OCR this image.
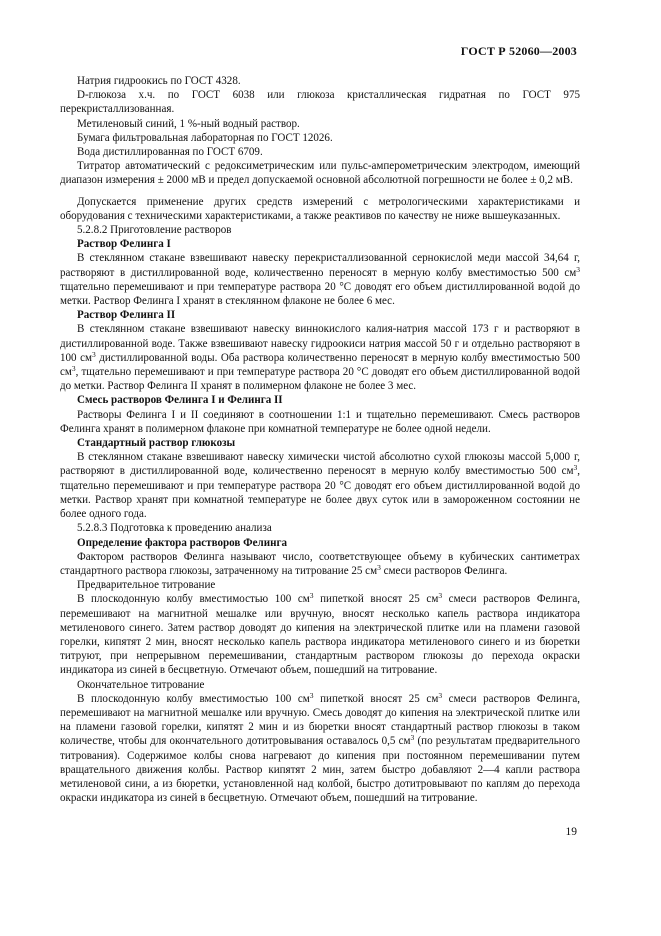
ГОСТ Р 52060—2003

Натрия гидроокись по ГОСТ 4328.

D-глюкоза х.ч. по ГОСТ 6038 или глюкоза кристаллическая гидратная по ГОСТ 975 перекристаллизованная.

Метиленовый синий, 1 %-ный водный раствор.

Бумага фильтровальная лабораторная по ГОСТ 12026.

Вода дистиллированная по ГОСТ 6709.

Титратор автоматический с редоксиметрическим или пульс-амперометрическим электродом, имеющий диапазон измерения ± 2000 мВ и предел допускаемой основной абсолютной погрешности не более ± 0,2 мВ.

Допускается применение других средств измерений с метрологическими характеристиками и оборудования с техническими характеристиками, а также реактивов по качеству не ниже вышеуказанных.

5.2.8.2 Приготовление растворов

Раствор Фелинга I

В стеклянном стакане взвешивают навеску перекристаллизованной сернокислой меди массой 34,64 г, растворяют в дистиллированной воде, количественно переносят в мерную колбу вместимостью 500 $см^3$ тщательно перемешивают и при температуре раствора 20 °С доводят его объем дистиллированной водой до метки. Раствор Фелинга I хранят в стеклянном флаконе не более 6 мес.

Раствор Фелинга II

В стеклянном стакане взвешивают навеску виннокислого калия-натрия массой 173 г и растворяют в дистиллированной воде. Также взвешивают навеску гидроокиси натрия массой 50 г и отдельно растворяют в 100 $см^3$ дистиллированной воды. Оба раствора количественно переносят в мерную колбу вместимостью 500 $см^3$, тщательно перемешивают и при температуре раствора 20 °С доводят его объем дистиллированной водой до метки. Раствор Фелинга II хранят в полимерном флаконе не более 3 мес.

Смесь растворов Фелинга I и Фелинга II

Растворы Фелинга I и II соединяют в соотношении 1:1 и тщательно перемешивают. Смесь растворов Фелинга хранят в полимерном флаконе при комнатной температуре не более одной недели.

Стандартный раствор глюкозы

В стеклянном стакане взвешивают навеску химически чистой абсолютно сухой глюкозы массой 5,000 г, растворяют в дистиллированной воде, количественно переносят в мерную колбу вместимостью 500 $см^3$, тщательно перемешивают и при температуре раствора 20 °С доводят его объем дистиллированной водой до метки. Раствор хранят при комнатной температуре не более двух суток или в замороженном состоянии не более одного года.

5.2.8.3 Подготовка к проведению анализа

Определение фактора растворов Фелинга

Фактором растворов Фелинга называют число, соответствующее объему в кубических сантиметрах стандартного раствора глюкозы, затраченному на титрование 25 $см^3$ смеси растворов Фелинга.

Предварительное титрование

В плоскодонную колбу вместимостью 100 $см^3$ пипеткой вносят 25 $см^3$ смеси растворов Фелинга, перемешивают на магнитной мешалке или вручную, вносят несколько капель раствора индикатора метиленового синего. Затем раствор доводят до кипения на электрической плитке или на пламени газовой горелки, кипятят 2 мин, вносят несколько капель раствора индикатора метиленового синего и из бюретки титруют, при непрерывном перемешивании, стандартным раствором глюкозы до перехода окраски индикатора из синей в бесцветную. Отмечают объем, пошедший на титрование.

Окончательное титрование

В плоскодонную колбу вместимостью 100 $см^3$ пипеткой вносят 25 $см^3$ смеси растворов Фелинга, перемешивают на магнитной мешалке или вручную. Смесь доводят до кипения на электрической плитке или на пламени газовой горелки, кипятят 2 мин и из бюретки вносят стандартный раствор глюкозы в таком количестве, чтобы для окончательного дотитровывания оставалось 0,5 $см^3$ (по результатам предварительного титрования). Содержимое колбы снова нагревают до кипения при постоянном перемешивании путем вращательного движения колбы. Раствор кипятят 2 мин, затем быстро добавляют 2—4 капли раствора метиленовой сини, а из бюретки, установленной над колбой, быстро дотитровывают по каплям до перехода окраски индикатора из синей в бесцветную. Отмечают объем, пошедший на титрование.

19
